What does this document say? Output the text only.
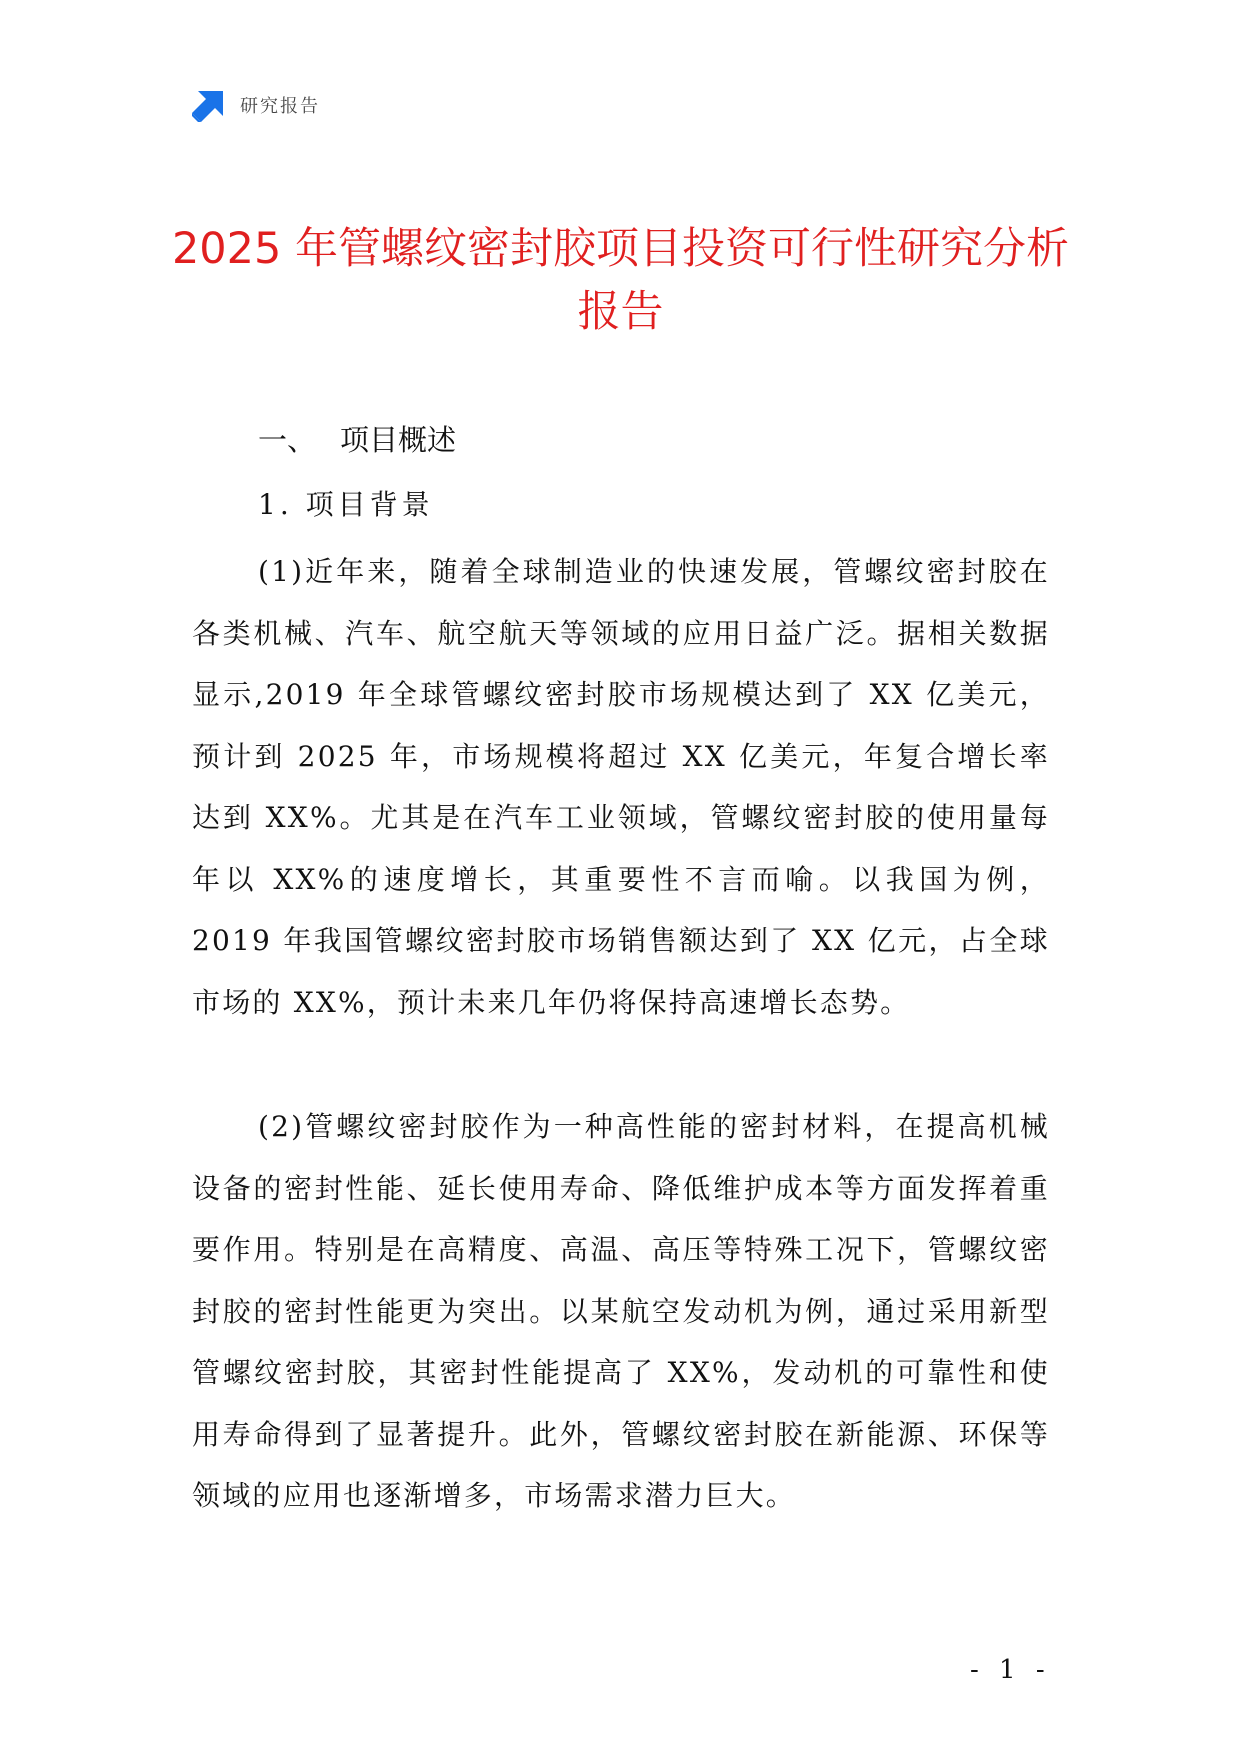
研究报告
2025 年管螺纹密封胶项目投资可行性研究分析报告
一、 项目概述
1. 项目背景

(1)近年来，随着全球制造业的快速发展，管螺纹密封胶在各类机械、汽车、航空航天等领域的应用日益广泛。据相关数据显示,2019 年全球管螺纹密封胶市场规模达到了 XX 亿美元，预计到 2025 年，市场规模将超过 XX 亿美元，年复合增长率达到 XX%。尤其是在汽车工业领域，管螺纹密封胶的使用量每年以 XX%的速度增长，其重要性不言而喻。以我国为例，2019 年我国管螺纹密封胶市场销售额达到了 XX 亿元，占全球市场的 XX%，预计未来几年仍将保持高速增长态势。

(2)管螺纹密封胶作为一种高性能的密封材料，在提高机械设备的密封性能、延长使用寿命、降低维护成本等方面发挥着重要作用。特别是在高精度、高温、高压等特殊工况下，管螺纹密封胶的密封性能更为突出。以某航空发动机为例，通过采用新型管螺纹密封胶，其密封性能提高了 XX%，发动机的可靠性和使用寿命得到了显著提升。此外，管螺纹密封胶在新能源、环保等领域的应用也逐渐增多，市场需求潜力巨大。

- 1 -
